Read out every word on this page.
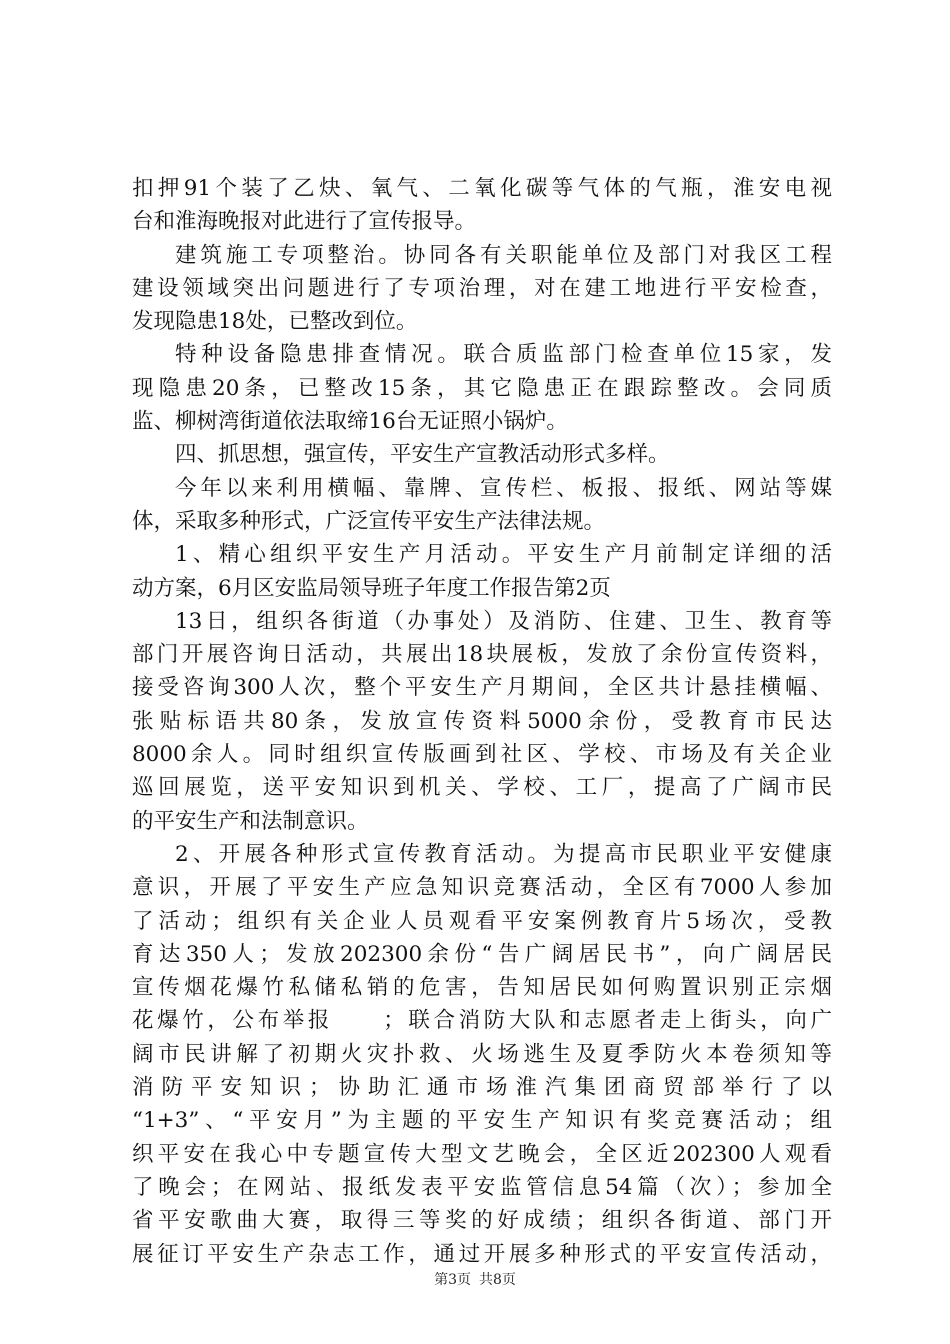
扣押91个装了乙炔、氧气、二氧化碳等气体的气瓶，淮安电视
台和淮海晚报对此进行了宣传报导。
建筑施工专项整治。协同各有关职能单位及部门对我区工程
建设领域突出问题进行了专项治理，对在建工地进行平安检查，
发现隐患18处，已整改到位。
特种设备隐患排查情况。联合质监部门检查单位15家，发
现隐患20条，已整改15条，其它隐患正在跟踪整改。会同质
监、柳树湾街道依法取缔16台无证照小锅炉。
四、抓思想，强宣传，平安生产宣教活动形式多样。
今年以来利用横幅、靠牌、宣传栏、板报、报纸、网站等媒
体，采取多种形式，广泛宣传平安生产法律法规。
1、精心组织平安生产月活动。平安生产月前制定详细的活
动方案，6月区安监局领导班子年度工作报告第2页
13日，组织各街道（办事处）及消防、住建、卫生、教育等
部门开展咨询日活动，共展出18块展板，发放了余份宣传资料，
接受咨询300人次，整个平安生产月期间，全区共计悬挂横幅、
张贴标语共80条，发放宣传资料5000余份，受教育市民达
8000余人。同时组织宣传版画到社区、学校、市场及有关企业
巡回展览，送平安知识到机关、学校、工厂，提高了广阔市民
的平安生产和法制意识。
2、开展各种形式宣传教育活动。为提高市民职业平安健康
意识，开展了平安生产应急知识竞赛活动，全区有7000人参加
了活动；组织有关企业人员观看平安案例教育片5场次，受教
育达350人；发放202300余份“告广阔居民书”，向广阔居民
宣传烟花爆竹私储私销的危害，告知居民如何购置识别正宗烟
花爆竹，公布举报　　；联合消防大队和志愿者走上街头，向广
阔市民讲解了初期火灾扑救、火场逃生及夏季防火本卷须知等
消防平安知识；协助汇通市场淮汽集团商贸部举行了以
“1+3”、“平安月”为主题的平安生产知识有奖竞赛活动；组
织平安在我心中专题宣传大型文艺晚会，全区近202300人观看
了晚会；在网站、报纸发表平安监管信息54篇（次）；参加全
省平安歌曲大赛，取得三等奖的好成绩；组织各街道、部门开
展征订平安生产杂志工作，通过开展多种形式的平安宣传活动，
第3页 共8页
